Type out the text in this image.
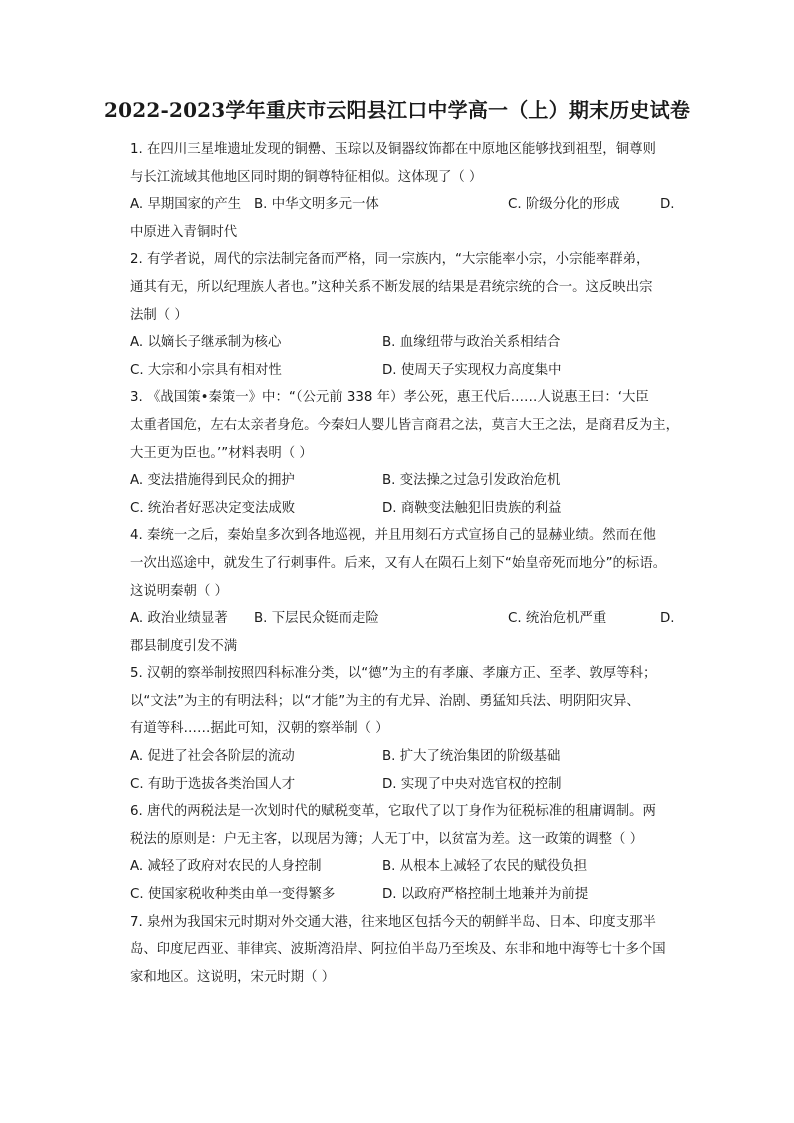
2022-2023学年重庆市云阳县江口中学高一（上）期末历史试卷
1. 在四川三星堆遗址发现的铜罍、玉琮以及铜器纹饰都在中原地区能够找到祖型，铜尊则
与长江流域其他地区同时期的铜尊特征相似。这体现了（ ）
A. 早期国家的产生 B. 中华文明多元一体	C. 阶级分化的形成	D.
中原进入青铜时代
2. 有学者说，周代的宗法制完备而严格，同一宗族内，“大宗能率小宗，小宗能率群弟，
通其有无，所以纪理族人者也。”这种关系不断发展的结果是君统宗统的合一。这反映出宗
法制（ ）
A. 以嫡长子继承制为核心	B. 血缘纽带与政治关系相结合
C. 大宗和小宗具有相对性	D. 使周天子实现权力高度集中
3. 《战国策•秦策一》中：“（公元前 338 年）孝公死，惠王代后……人说惠王曰：‘大臣
太重者国危，左右太亲者身危。今秦妇人婴儿皆言商君之法，莫言大王之法，是商君反为主，
大王更为臣也。’”材料表明（ ）
A. 变法措施得到民众的拥护	B. 变法操之过急引发政治危机
C. 统治者好恶决定变法成败	D. 商鞅变法触犯旧贵族的利益
4. 秦统一之后，秦始皇多次到各地巡视，并且用刻石方式宣扬自己的显赫业绩。然而在他
一次出巡途中，就发生了行刺事件。后来，又有人在陨石上刻下“始皇帝死而地分”的标语。
这说明秦朝（ ）
A. 政治业绩显著	B. 下层民众铤而走险	C. 统治危机严重	D.
郡县制度引发不满
5. 汉朝的察举制按照四科标准分类，以“德”为主的有孝廉、孝廉方正、至孝、敦厚等科；
以“文法”为主的有明法科；以“才能”为主的有尤异、治剧、勇猛知兵法、明阴阳灾异、
有道等科……据此可知，汉朝的察举制（ ）
A. 促进了社会各阶层的流动	B. 扩大了统治集团的阶级基础
C. 有助于选拔各类治国人才	D. 实现了中央对选官权的控制
6. 唐代的两税法是一次划时代的赋税变革，它取代了以丁身作为征税标准的租庸调制。两
税法的原则是：户无主客，以现居为簿；人无丁中，以贫富为差。这一政策的调整（ ）
A. 减轻了政府对农民的人身控制	B. 从根本上减轻了农民的赋役负担
C. 使国家税收种类由单一变得繁多	D. 以政府严格控制土地兼并为前提
7. 泉州为我国宋元时期对外交通大港，往来地区包括今天的朝鲜半岛、日本、印度支那半
岛、印度尼西亚、菲律宾、波斯湾沿岸、阿拉伯半岛乃至埃及、东非和地中海等七十多个国
家和地区。这说明，宋元时期（ ）
